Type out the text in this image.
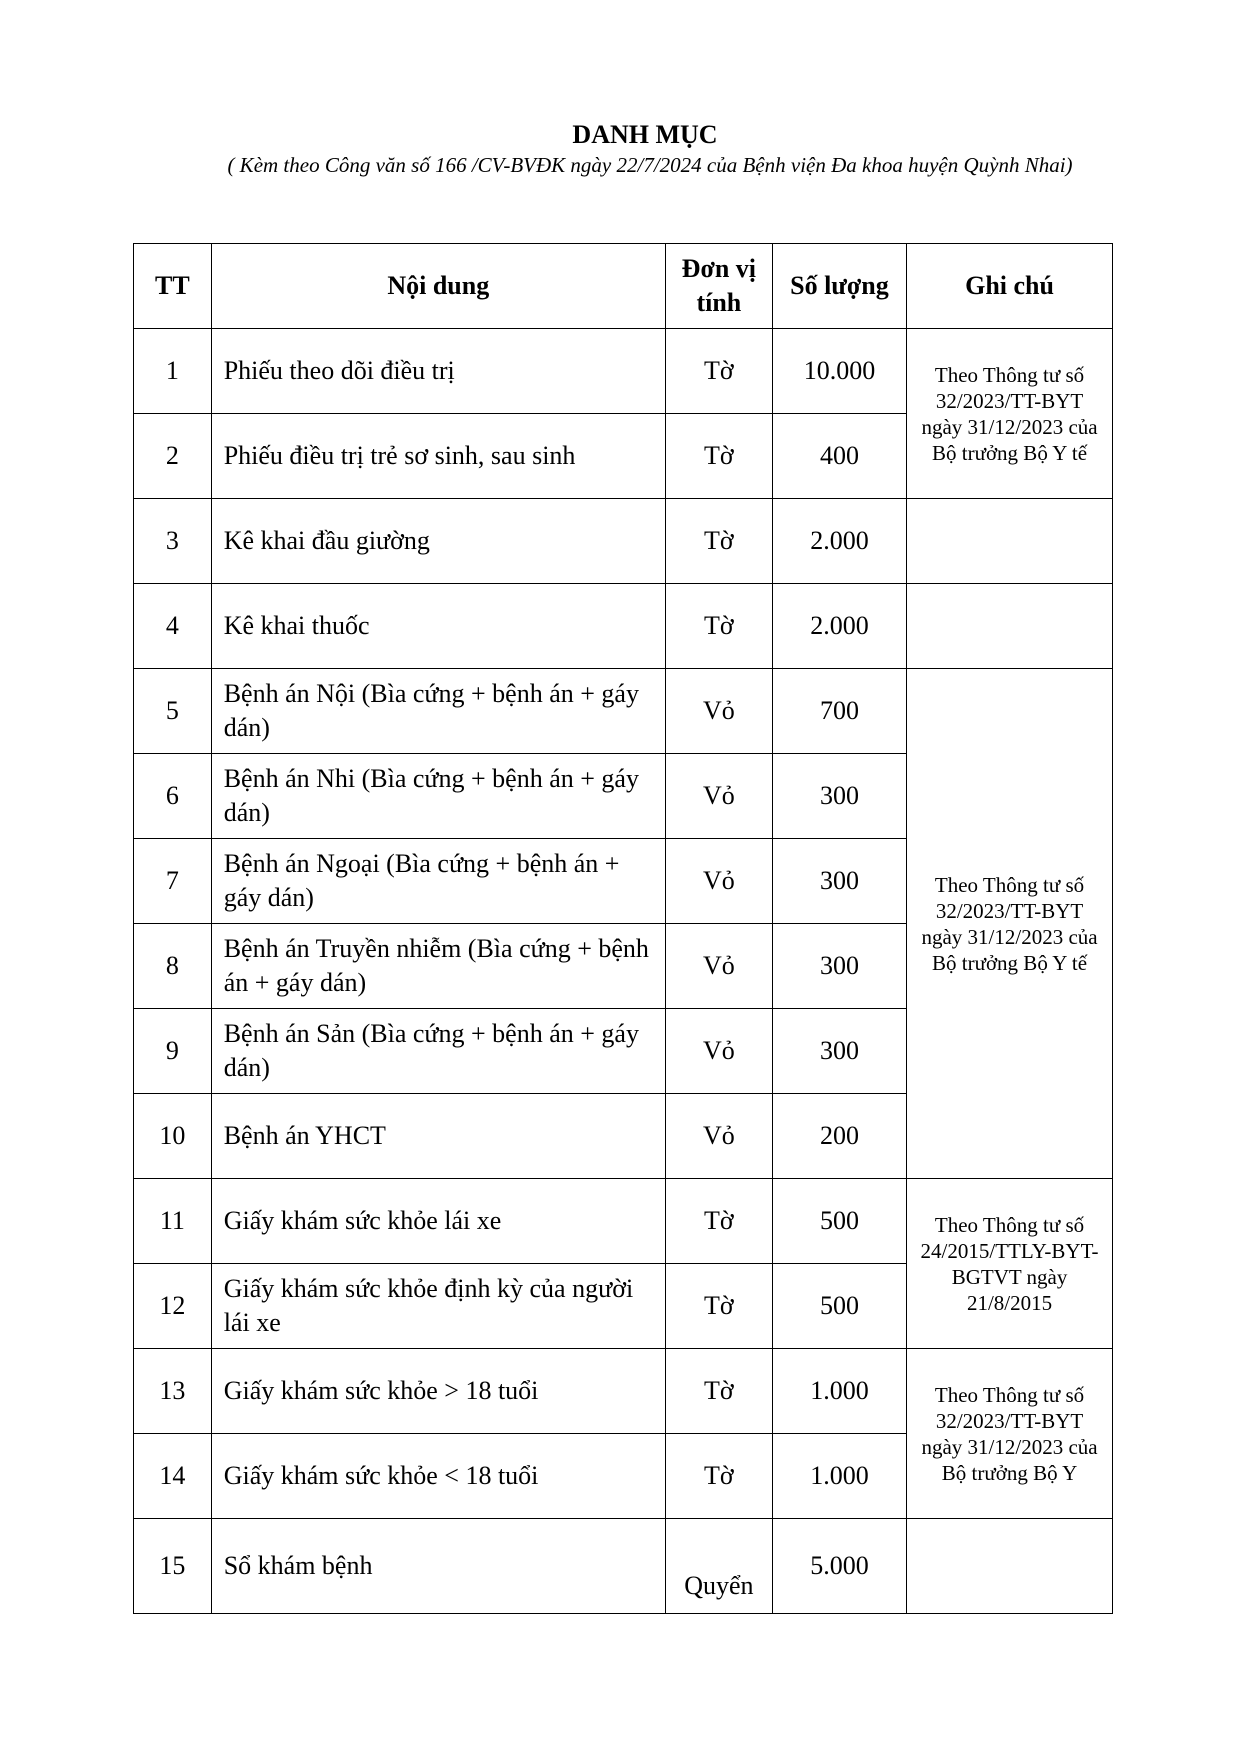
DANH MỤC

( Kèm theo Công văn số 166 /CV-BVĐK ngày 22/7/2024 của Bệnh viện Đa khoa huyện Quỳnh Nhai)

TT	Nội dung	Đơn vị tính	Số lượng	Ghi chú
1	Phiếu theo dõi điều trị	Tờ	10.000	Theo Thông tư số 32/2023/TT-BYT ngày 31/12/2023 của Bộ trưởng Bộ Y tế
2	Phiếu điều trị trẻ sơ sinh, sau sinh	Tờ	400	
3	Kê khai đầu giường	Tờ	2.000	
4	Kê khai thuốc	Tờ	2.000	
5	Bệnh án Nội (Bìa cứng + bệnh án + gáy dán)	Vỏ	700	Theo Thông tư số 32/2023/TT-BYT ngày 31/12/2023 của Bộ trưởng Bộ Y tế
6	Bệnh án Nhi (Bìa cứng + bệnh án + gáy dán)	Vỏ	300	
7	Bệnh án Ngoại (Bìa cứng + bệnh án + gáy dán)	Vỏ	300	
8	Bệnh án Truyền nhiễm (Bìa cứng + bệnh án + gáy dán)	Vỏ	300	
9	Bệnh án Sản (Bìa cứng + bệnh án + gáy dán)	Vỏ	300	
10	Bệnh án YHCT	Vỏ	200	
11	Giấy khám sức khỏe lái xe	Tờ	500	Theo Thông tư số 24/2015/TTLY-BYT-BGTVT ngày 21/8/2015
12	Giấy khám sức khỏe định kỳ của người lái xe	Tờ	500	
13	Giấy khám sức khỏe > 18 tuổi	Tờ	1.000	Theo Thông tư số 32/2023/TT-BYT ngày 31/12/2023 của Bộ trưởng Bộ Y
14	Giấy khám sức khỏe < 18 tuổi	Tờ	1.000	
15	Sổ khám bệnh	Quyển	5.000	
